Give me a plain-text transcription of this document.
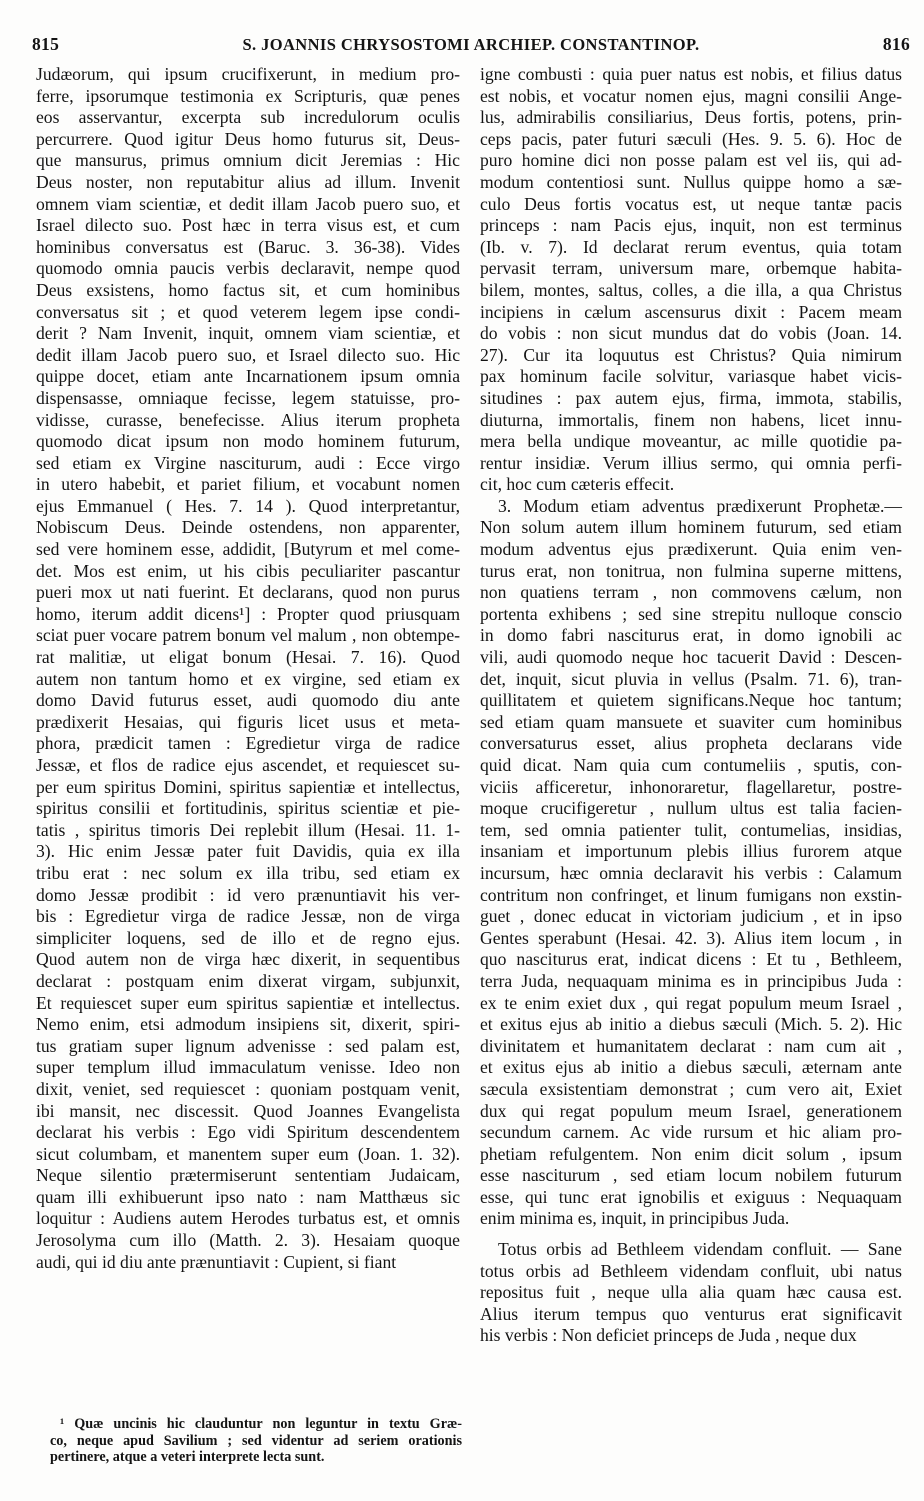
815	S. JOANNIS CHRYSOSTOMI ARCHIEP. CONSTANTINOP.	816
Judæorum, qui ipsum crucifixerunt, in medium pro-
ferre, ipsorumque testimonia ex Scripturis, quæ penes
eos asservantur, excerpta sub incredulorum oculis
percurrere. Quod igitur Deus homo futurus sit, Deus-
que mansurus, primus omnium dicit Jeremias : Hic
Deus noster, non reputabitur alius ad illum. Invenit
omnem viam scientiæ, et dedit illam Jacob puero suo, et
Israel dilecto suo. Post hæc in terra visus est, et cum
hominibus conversatus est (Baruc. 3. 36-38). Vides
quomodo omnia paucis verbis declaravit, nempe quod
Deus exsistens, homo factus sit, et cum hominibus
conversatus sit ; et quod veterem legem ipse condi-
derit ? Nam Invenit, inquit, omnem viam scientiæ, et
dedit illam Jacob puero suo, et Israel dilecto suo. Hic
quippe docet, etiam ante Incarnationem ipsum omnia
dispensasse, omniaque fecisse, legem statuisse, pro-
vidisse, curasse, benefecisse. Alius iterum propheta
quomodo dicat ipsum non modo hominem futurum,
sed etiam ex Virgine nasciturum, audi : Ecce virgo
in utero habebit, et pariet filium, et vocabunt nomen
ejus Emmanuel ( Hes. 7. 14 ). Quod interpretantur,
Nobiscum Deus. Deinde ostendens, non apparenter,
sed vere hominem esse, addidit, [Butyrum et mel come-
det. Mos est enim, ut his cibis peculiariter pascantur
pueri mox ut nati fuerint. Et declarans, quod non purus
homo, iterum addit dicens¹] : Propter quod priusquam
sciat puer vocare patrem bonum vel malum , non obtempe-
rat malitiæ, ut eligat bonum (Hesai. 7. 16). Quod
autem non tantum homo et ex virgine, sed etiam ex
domo David futurus esset, audi quomodo diu ante
prædixerit Hesaias, qui figuris licet usus et meta-
phora, prædicit tamen : Egredietur virga de radice
Jessæ, et flos de radice ejus ascendet, et requiescet su-
per eum spiritus Domini, spiritus sapientiæ et intellectus,
spiritus consilii et fortitudinis, spiritus scientiæ et pie-
tatis , spiritus timoris Dei replebit illum (Hesai. 11. 1-
3). Hic enim Jessæ pater fuit Davidis, quia ex illa
tribu erat : nec solum ex illa tribu, sed etiam ex
domo Jessæ prodibit : id vero prænuntiavit his ver-
bis : Egredietur virga de radice Jessæ, non de virga
simpliciter loquens, sed de illo et de regno ejus.
Quod autem non de virga hæc dixerit, in sequentibus
declarat : postquam enim dixerat virgam, subjunxit,
Et requiescet super eum spiritus sapientiæ et intellectus.
Nemo enim, etsi admodum insipiens sit, dixerit, spiri-
tus gratiam super lignum advenisse : sed palam est,
super templum illud immaculatum venisse. Ideo non
dixit, veniet, sed requiescet : quoniam postquam venit,
ibi mansit, nec discessit. Quod Joannes Evangelista
declarat his verbis : Ego vidi Spiritum descendentem
sicut columbam, et manentem super eum (Joan. 1. 32).
Neque silentio prætermiserunt sententiam Judaicam,
quam illi exhibuerunt ipso nato : nam Matthæus sic
loquitur : Audiens autem Herodes turbatus est, et omnis
Jerosolyma cum illo (Matth. 2. 3). Hesaiam quoque
audi, qui id diu ante prænuntiavit : Cupient, si fiant
igne combusti : quia puer natus est nobis, et filius datus
est nobis, et vocatur nomen ejus, magni consilii Ange-
lus, admirabilis consiliarius, Deus fortis, potens, prin-
ceps pacis, pater futuri sæculi (Hes. 9. 5. 6). Hoc de
puro homine dici non posse palam est vel iis, qui ad-
modum contentiosi sunt. Nullus quippe homo a sæ-
culo Deus fortis vocatus est, ut neque tantæ pacis
princeps : nam Pacis ejus, inquit, non est terminus
(Ib. v. 7). Id declarat rerum eventus, quia totam
pervasit terram, universum mare, orbemque habita-
bilem, montes, saltus, colles, a die illa, a qua Christus
incipiens in cælum ascensurus dixit : Pacem meam
do vobis : non sicut mundus dat do vobis (Joan. 14.
27). Cur ita loquutus est Christus? Quia nimirum
pax hominum facile solvitur, variasque habet vicis-
situdines : pax autem ejus, firma, immota, stabilis,
diuturna, immortalis, finem non habens, licet innu-
mera bella undique moveantur, ac mille quotidie pa-
rentur insidiæ. Verum illius sermo, qui omnia perfi-
cit, hoc cum cæteris effecit.
3. Modum etiam adventus prædixerunt Prophetæ.—
Non solum autem illum hominem futurum, sed etiam
modum adventus ejus prædixerunt. Quia enim ven-
turus erat, non tonitrua, non fulmina superne mittens,
non quatiens terram , non commovens cælum, non
portenta exhibens ; sed sine strepitu nulloque conscio
in domo fabri nasciturus erat, in domo ignobili ac
vili, audi quomodo neque hoc tacuerit David : Descen-
det, inquit, sicut pluvia in vellus (Psalm. 71. 6), tran-
quillitatem et quietem significans.Neque hoc tantum;
sed etiam quam mansuete et suaviter cum hominibus
conversaturus esset, alius propheta declarans vide
quid dicat. Nam quia cum contumeliis , sputis, con-
viciis afficeretur, inhonoraretur, flagellaretur, postre-
moque crucifigeretur , nullum ultus est talia facien-
tem, sed omnia patienter tulit, contumelias, insidias,
insaniam et importunum plebis illius furorem atque
incursum, hæc omnia declaravit his verbis : Calamum
contritum non confringet, et linum fumigans non exstin-
guet , donec educat in victoriam judicium , et in ipso
Gentes sperabunt (Hesai. 42. 3). Alius item locum , in
quo nasciturus erat, indicat dicens : Et tu , Bethleem,
terra Juda, nequaquam minima es in principibus Juda :
ex te enim exiet dux , qui regat populum meum Israel ,
et exitus ejus ab initio a diebus sæculi (Mich. 5. 2). Hic
divinitatem et humanitatem declarat : nam cum ait ,
et exitus ejus ab initio a diebus sæculi, æternam ante
sæcula exsistentiam demonstrat ; cum vero ait, Exiet
dux qui regat populum meum Israel, generationem
secundum carnem. Ac vide rursum et hic aliam pro-
phetiam refulgentem. Non enim dicit solum , ipsum
esse nasciturum , sed etiam locum nobilem futurum
esse, qui tunc erat ignobilis et exiguus : Nequaquam
enim minima es, inquit, in principibus Juda.
Totus orbis ad Bethleem videndam confluit. — Sane
totus orbis ad Bethleem videndam confluit, ubi natus
repositus fuit , neque ulla alia quam hæc causa est.
Alius iterum tempus quo venturus erat significavit
his verbis : Non deficiet princeps de Juda , neque dux
¹ Quæ uncinis hic clauduntur non leguntur in textu Græ-
co, neque apud Savilium ; sed videntur ad seriem orationis
pertinere, atque a veteri interprete lecta sunt.
